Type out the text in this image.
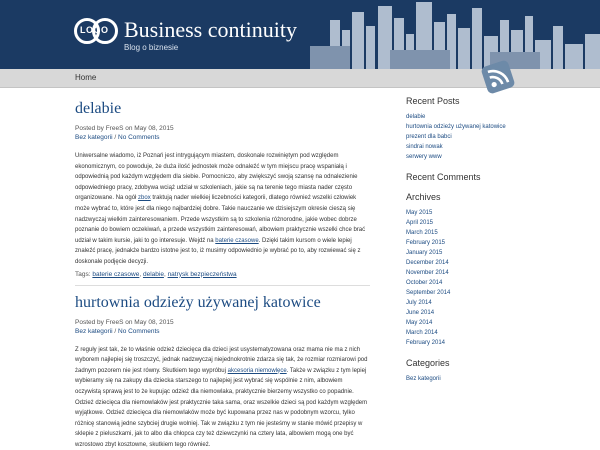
LOGO Business continuity
Blog o biznesie
Home
delabie
Posted by FreeS on May 08, 2015
Bez kategorii / No Comments
Uniwersalne wiadomo, iż Poznań jest intrygującym miastem, doskonale rozwiniętym pod względem ekonomicznym, co powoduje, że duża ilość jednostek może odnaleźć w tym miejscu pracę wspaniałą i odpowiednią pod każdym względem dla siebie. Pomocniczo, aby zwiększyć swoją szansę na odnalezienie odpowiedniego pracy, zdobywa wciąż udział w szkoleniach, jakie są na terenie tego miasta nader często organizowane. Na ogół zbox traktują nader wielkiej liczebności kategorii, dlatego również wszelki człowiek może wybrać to, które jest dla niego najbardziej dobre. Takie nauczanie we dzisiejszym okresie cieszą się nadzwyczaj wielkim zainteresowaniem. Przede wszystkim są to szkolenia różnorodne, jakie wobec dobrze poznanie do bowiem oczekiwań, a przede wszystkim zainteresowań, albowiem praktycznie wszelki chce brać udział w takim kursie, jaki to go interesuje. Wejdź na baterie czasowe. Dzięki takim kursom o wiele lepiej znaleźć pracę, jednakże bardzo istotne jest to, iż musimy odpowiednio je wybrać po to, aby rozwiewać się z doskonale podjęcie decyzji.
Tags: baterie czasowe, delabie, natrysk bezpieczeństwa
hurtownia odzieży używanej katowice
Posted by FreeS on May 08, 2015
Bez kategorii / No Comments
Z reguły jest tak, że to właśnie odzież dziecięca dla dzieci jest usystematyzowana oraz mama nie ma z nich wyborem najlepiej się troszczyć, jednak nadzwyczaj niejednokrotnie zdarza się tak, że rozmiar rozmiarowi pod żadnym pozorem nie jest równy. Skutkiem tego wypróbuj akcesoria niemowlęce. Także w związku z tym lepiej wybieramy się na zakupy dla dziecka starszego to najlepiej jest wybrać się wspólnie z nim, albowiem oczywistą sprawą jest to że kupując odzież dla niemowlaka, praktycznie bierzemy wszystko co popadnie. Odzież dziecięca dla niemowlaków jest praktycznie taka sama, oraz wszelkie dzieci są pod każdym względem wyjątkowe. Odzież dziecięca dla niemowlaków może być kupowana przez nas w podobnym wzorcu, tylko różnicę stanowią jedne szybciej drugie wolniej. Tak w związku z tym nie jesteśmy w stanie mówić przepisy w sklepie z pieluszkami, jak to albo dla chłopca czy też dziewczynki na cztery lata, albowiem mogą one być wzrostowo zbyt kosztowne, skutkiem tego również.
Recent Posts
delabie
hurtownia odzieży używanej katowice
prezent dla babci
sindrai nowak
serwery www
Recent Comments
Archives
May 2015
April 2015
March 2015
February 2015
January 2015
December 2014
November 2014
October 2014
September 2014
July 2014
June 2014
May 2014
March 2014
February 2014
Categories
Bez kategorii
